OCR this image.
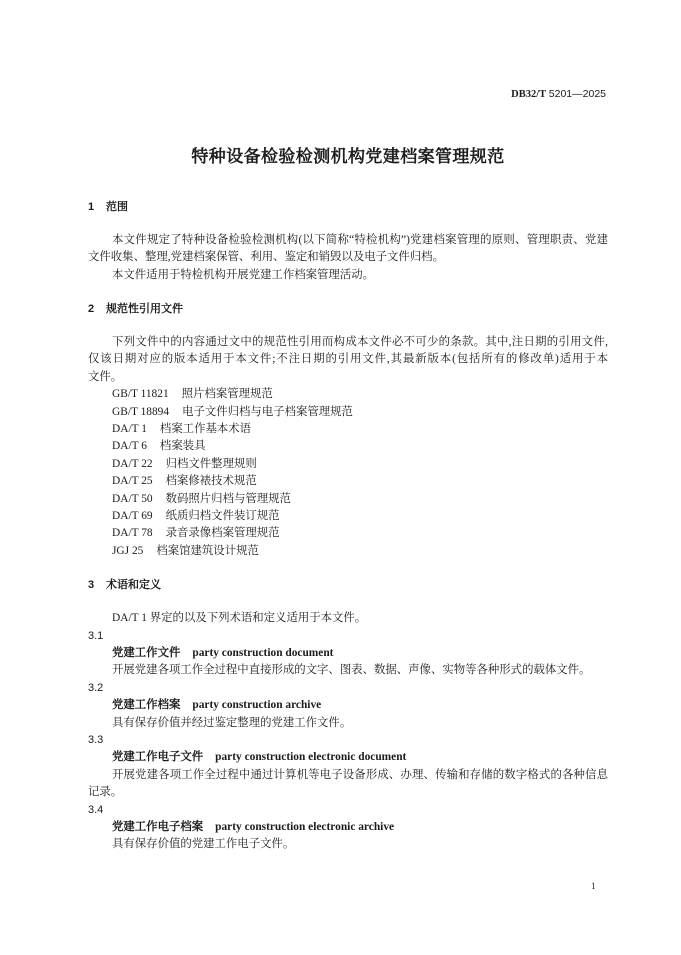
DB32/T 5201—2025
特种设备检验检测机构党建档案管理规范
1 范围
本文件规定了特种设备检验检测机构(以下简称“特检机构”)党建档案管理的原则、管理职责、党建
文件收集、整理,党建档案保管、利用、鉴定和销毁以及电子文件归档。
本文件适用于特检机构开展党建工作档案管理活动。
2 规范性引用文件
下列文件中的内容通过文中的规范性引用而构成本文件必不可少的条款。其中,注日期的引用文件,
仅该日期对应的版本适用于本文件;不注日期的引用文件,其最新版本(包括所有的修改单)适用于本
文件。
GB/T 11821 照片档案管理规范
GB/T 18894 电子文件归档与电子档案管理规范
DA/T 1 档案工作基本术语
DA/T 6 档案装具
DA/T 22 归档文件整理规则
DA/T 25 档案修裱技术规范
DA/T 50 数码照片归档与管理规范
DA/T 69 纸质归档文件装订规范
DA/T 78 录音录像档案管理规范
JGJ 25 档案馆建筑设计规范
3 术语和定义
DA/T 1 界定的以及下列术语和定义适用于本文件。
3.1
党建工作文件 party construction document
开展党建各项工作全过程中直接形成的文字、图表、数据、声像、实物等各种形式的载体文件。
3.2
党建工作档案 party construction archive
具有保存价值并经过鉴定整理的党建工作文件。
3.3
党建工作电子文件 party construction electronic document
开展党建各项工作全过程中通过计算机等电子设备形成、办理、传输和存储的数字格式的各种信息
记录。
3.4
党建工作电子档案 party construction electronic archive
具有保存价值的党建工作电子文件。
1
